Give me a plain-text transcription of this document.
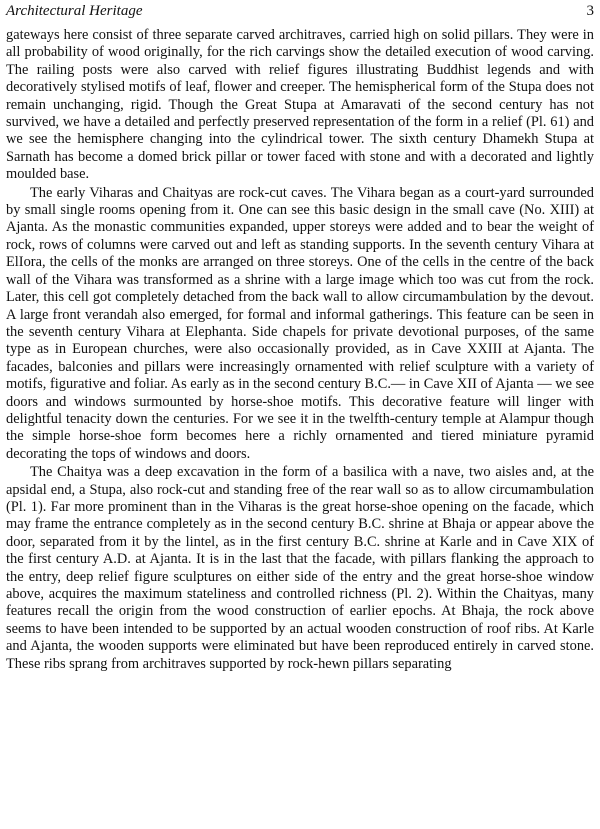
Architectural Heritage	3

gateways here consist of three separate carved architraves, carried high on solid pillars. They were in all probability of wood originally, for the rich carvings show the detailed execution of wood carving. The railing posts were also carved with relief figures illustrating Buddhist legends and with decoratively stylised motifs of leaf, flower and creeper. The hemispherical form of the Stupa does not remain unchanging, rigid. Though the Great Stupa at Amaravati of the second century has not survived, we have a detailed and perfectly preserved representation of the form in a relief (Pl. 61) and we see the hemisphere changing into the cylindrical tower. The sixth century Dhamekh Stupa at Sarnath has become a domed brick pillar or tower faced with stone and with a decorated and lightly moulded base.

The early Viharas and Chaityas are rock-cut caves. The Vihara began as a court-yard surrounded by small single rooms opening from it. One can see this basic design in the small cave (No. XIII) at Ajanta. As the monastic communities expanded, upper storeys were added and to bear the weight of rock, rows of columns were carved out and left as standing supports. In the seventh century Vihara at ElIora, the cells of the monks are arranged on three storeys. One of the cells in the centre of the back wall of the Vihara was transformed as a shrine with a large image which too was cut from the rock. Later, this cell got completely detached from the back wall to allow circumambulation by the devout. A large front verandah also emerged, for formal and informal gatherings. This feature can be seen in the seventh century Vihara at Elephanta. Side chapels for private devotional purposes, of the same type as in European churches, were also occasionally provided, as in Cave XXIII at Ajanta. The facades, balconies and pillars were increasingly ornamented with relief sculpture with a variety of motifs, figurative and foliar. As early as in the second century B.C.— in Cave XII of Ajanta — we see doors and windows surmounted by horse-shoe motifs. This decorative feature will linger with delightful tenacity down the centuries. For we see it in the twelfth-century temple at Alampur though the simple horse-shoe form becomes here a richly ornamented and tiered miniature pyramid decorating the tops of windows and doors.

The Chaitya was a deep excavation in the form of a basilica with a nave, two aisles and, at the apsidal end, a Stupa, also rock-cut and standing free of the rear wall so as to allow circumambulation (Pl. 1). Far more prominent than in the Viharas is the great horse-shoe opening on the facade, which may frame the entrance completely as in the second century B.C. shrine at Bhaja or appear above the door, separated from it by the lintel, as in the first century B.C. shrine at Karle and in Cave XIX of the first century A.D. at Ajanta. It is in the last that the facade, with pillars flanking the approach to the entry, deep relief figure sculptures on either side of the entry and the great horse-shoe window above, acquires the maximum stateliness and controlled richness (Pl. 2). Within the Chaityas, many features recall the origin from the wood construction of earlier epochs. At Bhaja, the rock above seems to have been intended to be supported by an actual wooden construction of roof ribs. At Karle and Ajanta, the wooden supports were eliminated but have been reproduced entirely in carved stone. These ribs sprang from architraves supported by rock-hewn pillars separating
